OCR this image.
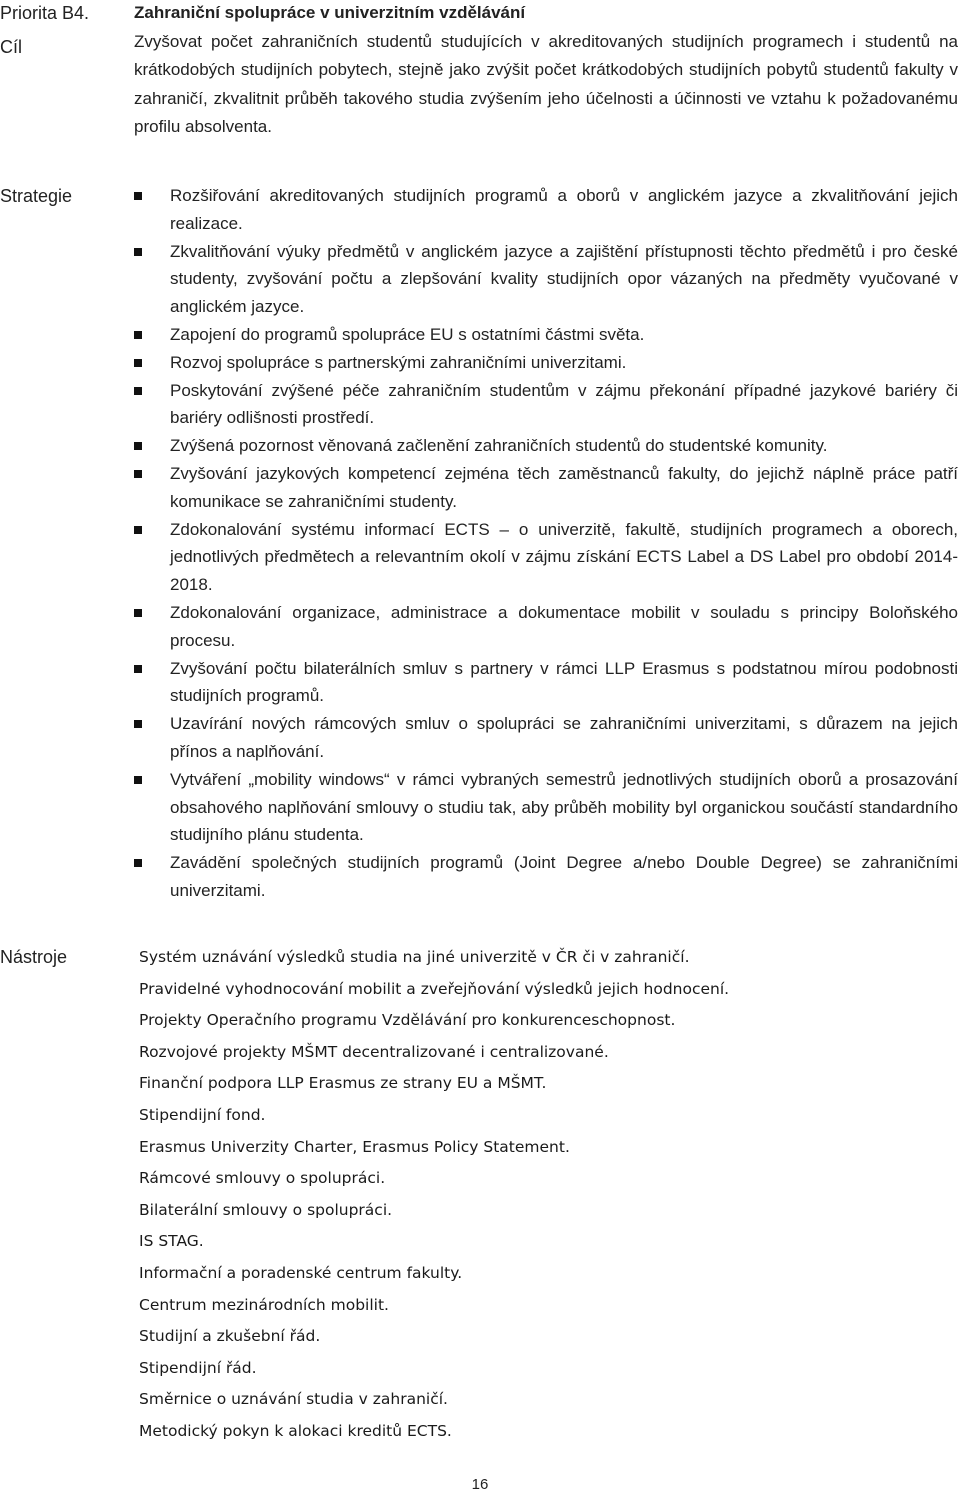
Priorita B4.
Cíl
Strategie
Nástroje
Zahraniční spolupráce v univerzitním vzdělávání
Zvyšovat počet zahraničních studentů studujících v akreditovaných studijních programech i studentů na krátkodobých studijních pobytech, stejně jako zvýšit počet krátkodobých studijních pobytů studentů fakulty v zahraničí, zkvalitnit průběh takového studia zvýšením jeho účelnosti a účinnosti ve vztahu k požadovanému profilu absolventa.
Rozšiřování akreditovaných studijních programů a oborů v anglickém jazyce a zkvalitňování jejich realizace.
Zkvalitňování výuky předmětů v anglickém jazyce a zajištění přístupnosti těchto předmětů i pro české studenty, zvyšování počtu a zlepšování kvality studijních opor vázaných na předměty vyučované v anglickém jazyce.
Zapojení do programů spolupráce EU s ostatními částmi světa.
Rozvoj spolupráce s partnerskými zahraničními univerzitami.
Poskytování zvýšené péče zahraničním studentům v zájmu překonání případné jazykové bariéry či bariéry odlišnosti prostředí.
Zvýšená pozornost věnovaná začlenění zahraničních studentů do studentské komunity.
Zvyšování jazykových kompetencí zejména těch zaměstnanců fakulty, do jejichž náplně práce patří komunikace se zahraničními studenty.
Zdokonalování systému informací ECTS – o univerzitě, fakultě, studijních programech a oborech, jednotlivých předmětech a relevantním okolí v zájmu získání ECTS Label a DS Label pro období 2014-2018.
Zdokonalování organizace, administrace a dokumentace mobilit v souladu s principy Boloňského procesu.
Zvyšování počtu bilaterálních smluv s partnery v rámci LLP Erasmus s podstatnou mírou podobnosti studijních programů.
Uzavírání nových rámcových smluv o spolupráci se zahraničními univerzitami, s důrazem na jejich přínos a naplňování.
Vytváření „mobility windows“ v rámci vybraných semestrů jednotlivých studijních oborů a prosazování obsahového naplňování smlouvy o studiu tak, aby průběh mobility byl organickou součástí standardního studijního plánu studenta.
Zavádění společných studijních programů (Joint Degree a/nebo Double Degree) se zahraničními univerzitami.
Systém uznávání výsledků studia na jiné univerzitě v ČR či v zahraničí.
Pravidelné vyhodnocování mobilit a zveřejňování výsledků jejich hodnocení.
Projekty Operačního programu Vzdělávání pro konkurenceschopnost.
Rozvojové projekty MŠMT decentralizované i centralizované.
Finanční podpora LLP Erasmus ze strany EU a MŠMT.
Stipendijní fond.
Erasmus Univerzity Charter, Erasmus Policy Statement.
Rámcové smlouvy o spolupráci.
Bilaterální smlouvy o spolupráci.
IS STAG.
Informační a poradenské centrum fakulty.
Centrum mezinárodních mobilit.
Studijní a zkušební řád.
Stipendijní řád.
Směrnice o uznávání studia v zahraničí.
Metodický pokyn k alokaci kreditů ECTS.
16
